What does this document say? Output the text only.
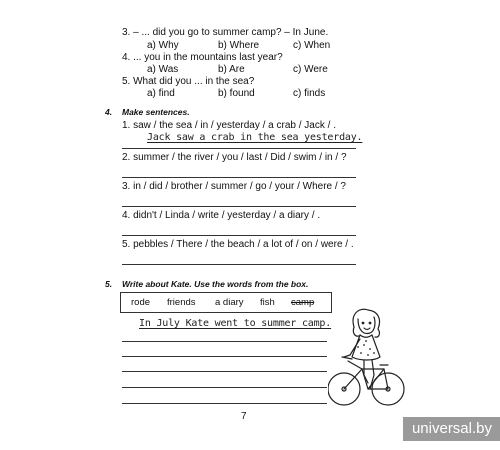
3. – ... did you go to summer camp? – In June.
a) Why	b) Where	c) When
4. ... you in the mountains last year?
a) Was	b) Are	c) Were
5. What did you ... in the sea?
a) find	b) found	c) finds
4. Make sentences.
1. saw / the sea / in / yesterday / a crab / Jack / .
Jack saw a crab in the sea yesterday.
2. summer / the river / you / last / Did / swim / in / ?
3. in / did / brother / summer / go / your / Where / ?
4. didn't / Linda / write / yesterday / a diary / .
5. pebbles / There / the beach / a lot of / on / were / .
5. Write about Kate. Use the words from the box.
rode friends a diary fish camp
In July Kate went to summer camp.
7
universal.by
